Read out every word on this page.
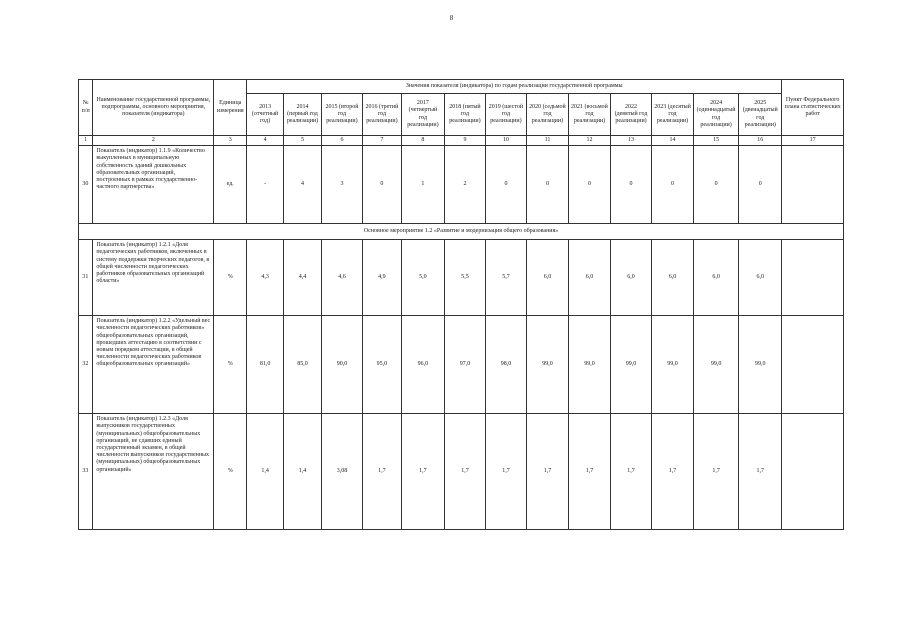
8
№ п/п	Наименование государственной программы, подпрограммы, основного мероприятия, показателя (индикатора)	Единица измерения	Значения показателя (индикатора) по годам реализации государственной программы													Пункт Федерального плана статистических работ
			2013 (отчетный год)	2014 (первый год реализации)	2015 (второй год реализации)	2016 (третий год реализации)	2017 (четвертый год реализации)	2018 (пятый год реализации)	2019 (шестой год реализации)	2020 (седьмой год реализации)	2021 (восьмой год реализации)	2022 (девятый год реализации)	2023 (десятый год реализации)	2024 (одиннадцатый год реализации)	2025 (двенадцатый год реализации)	
1	2	3	4	5	6	7	8	9	10	11	12	13	14	15	16	17
30	Показатель (индикатор) 1.1.9 «Количество выкупленных в муниципальную собственность зданий дошкольных образовательных организаций, построенных в рамках государственно-частного партнерства»	ед.	-	4	3	0	1	2	0	0	0	0	0	0	0	
Основное мероприятие 1.2 «Развитие и модернизация общего образования»																
31	Показатель (индикатор) 1.2.1 «Доля педагогических работников, включенных в систему поддержки творческих педагогов, в общей численности педагогических работников образовательных организаций области»	%	4,3	4,4	4,6	4,9	5,0	5,5	5,7	6,0	6,0	6,0	6,0	6,0	6,0	
32	Показатель (индикатор) 1.2.2 «Удельный вес численности педагогических работников» общеобразовательных организаций, прошедших аттестацию в соответствии с новым порядком аттестации, в общей численности педагогических работников общеобразовательных организаций»	%	81,0	85,0	90,0	95,0	96,0	97,0	98,0	99,0	99,0	99,0	99,0	99,0	99,0	
33	Показатель (индикатор) 1.2.3 «Доля выпускников государственных (муниципальных) общеобразовательных организаций, не сдавших единый государственный экзамен, в общей численности выпускников государственных (муниципальных) общеобразовательных организаций»	%	1,4	1,4	3,08	1,7	1,7	1,7	1,7	1,7	1,7	1,7	1,7	1,7	1,7	
